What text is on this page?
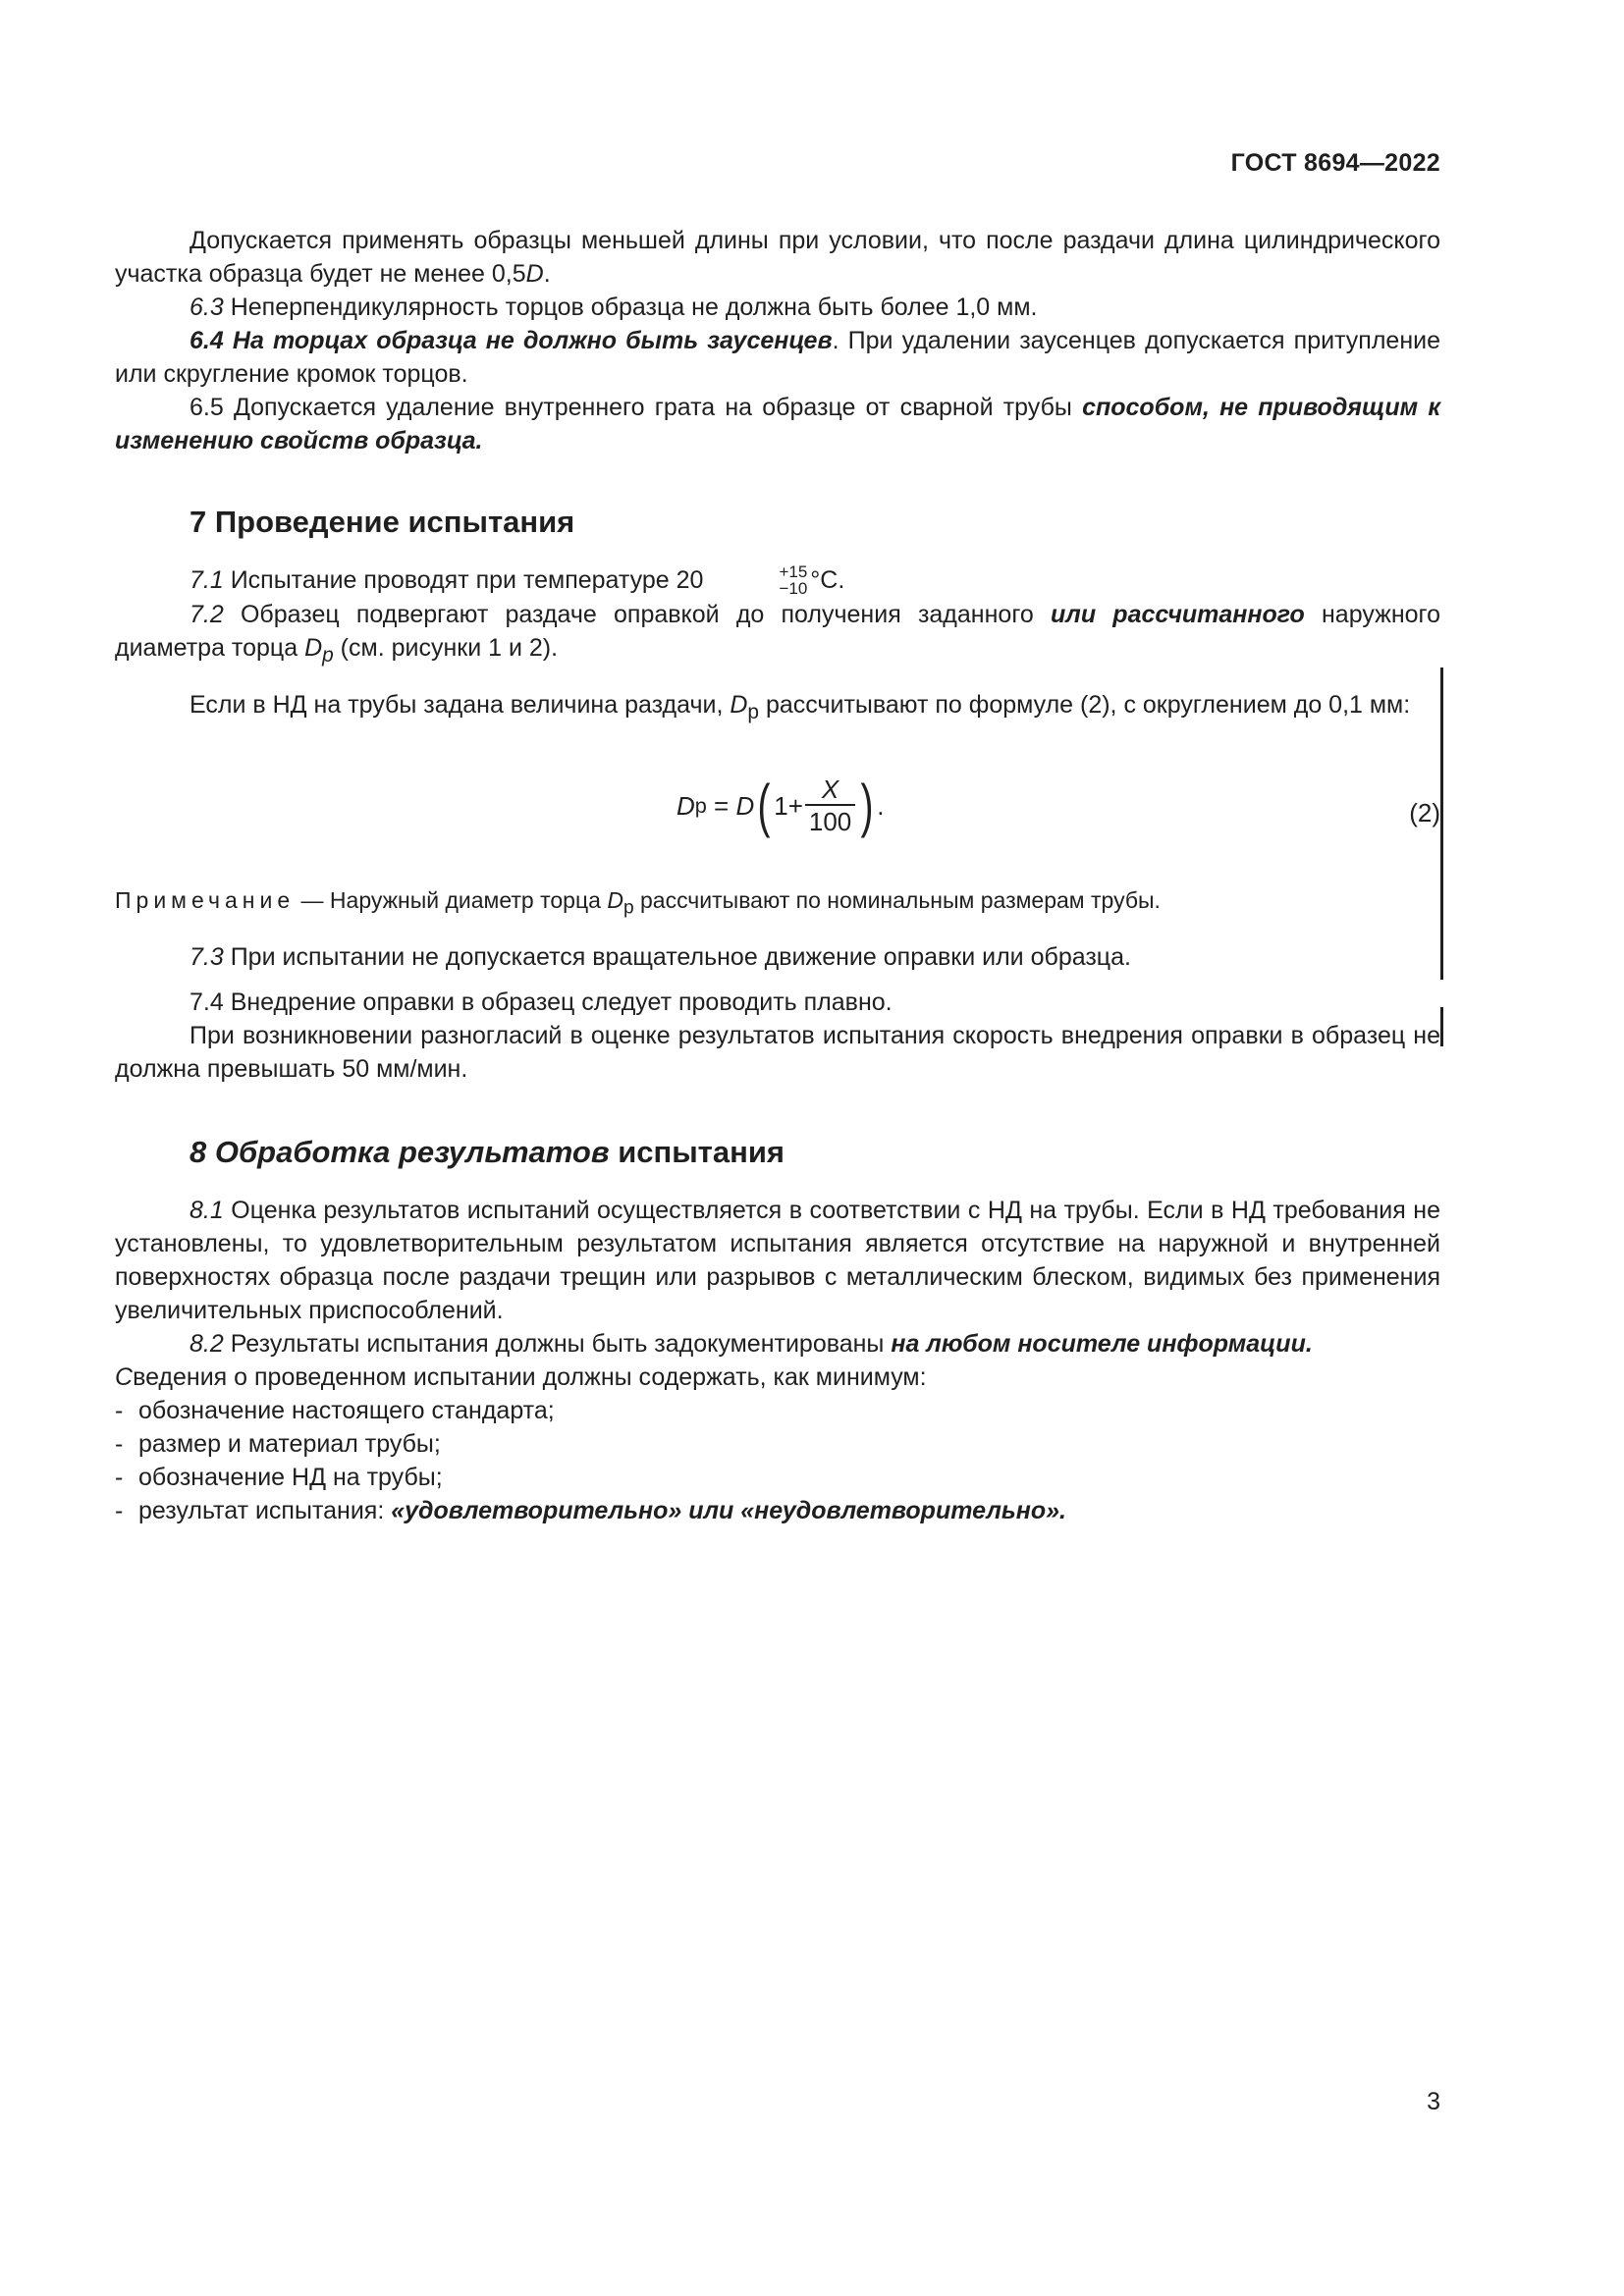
ГОСТ 8694—2022

Допускается применять образцы меньшей длины при условии, что после раздачи длина цилиндрического участка образца будет не менее 0,5D.

6.3 Неперпендикулярность торцов образца не должна быть более 1,0 мм.

6.4 На торцах образца не должно быть заусенцев. При удалении заусенцев допускается притупление или скругление кромок торцов.

6.5 Допускается удаление внутреннего грата на образце от сварной трубы способом, не приводящим к изменению свойств образца.

7 Проведение испытания

7.1 Испытание проводят при температуре 20	+15
−10 °С.

7.2 Образец подвергают раздаче оправкой до получения заданного или рассчитанного наружного диаметра торца $D_p$ (см. рисунки 1 и 2).

Если в НД на трубы задана величина раздачи, $D_р$ рассчитывают по формуле (2), с округлением до 0,1 мм:

D р = D ( $1+ \frac{X}{100}$ ) .	(2)

Примечание — Наружный диаметр торца $D_р$ рассчитывают по номинальным размерам трубы.

7.3 При испытании не допускается вращательное движение оправки или образца.

7.4 Внедрение оправки в образец следует проводить плавно.

При возникновении разногласий в оценке результатов испытания скорость внедрения оправки в образец не должна превышать 50 мм/мин.

8 Обработка результатов испытания

8.1 Оценка результатов испытаний осуществляется в соответствии с НД на трубы. Если в НД требования не установлены, то удовлетворительным результатом испытания является отсутствие на наружной и внутренней поверхностях образца после раздачи трещин или разрывов с металлическим блеском, видимых без применения увеличительных приспособлений.

8.2 Результаты испытания должны быть задокументированы на любом носителе информации.

Сведения о проведенном испытании должны содержать, как минимум:

- обозначение настоящего стандарта;

- размер и материал трубы;

- обозначение НД на трубы;

- результат испытания: «удовлетворительно» или «неудовлетворительно».

3
